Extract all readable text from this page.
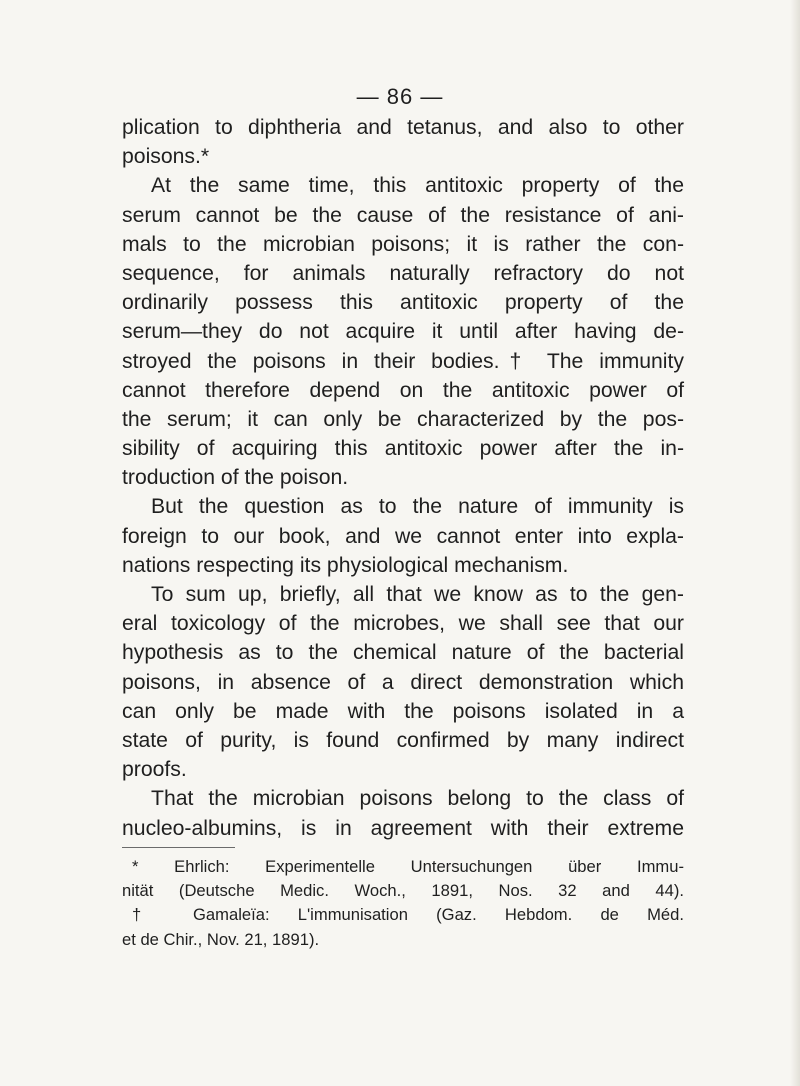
— 86 —
plication to diphtheria and tetanus, and also to other
poisons.*
At the same time, this antitoxic property of the
serum cannot be the cause of the resistance of ani-
mals to the microbian poisons; it is rather the con-
sequence, for animals naturally refractory do not
ordinarily possess this antitoxic property of the
serum—they do not acquire it until after having de-
stroyed the poisons in their bodies.† The immunity
cannot therefore depend on the antitoxic power of
the serum; it can only be characterized by the pos-
sibility of acquiring this antitoxic power after the in-
troduction of the poison.
But the question as to the nature of immunity is
foreign to our book, and we cannot enter into expla-
nations respecting its physiological mechanism.
To sum up, briefly, all that we know as to the gen-
eral toxicology of the microbes, we shall see that our
hypothesis as to the chemical nature of the bacterial
poisons, in absence of a direct demonstration which
can only be made with the poisons isolated in a
state of purity, is found confirmed by many indirect
proofs.
That the microbian poisons belong to the class of
nucleo-albumins, is in agreement with their extreme
* Ehrlich: Experimentelle Untersuchungen über Immu-
nität (Deutsche Medic. Woch., 1891, Nos. 32 and 44).
† Gamaleïa: L'immunisation (Gaz. Hebdom. de Méd.
et de Chir., Nov. 21, 1891).
